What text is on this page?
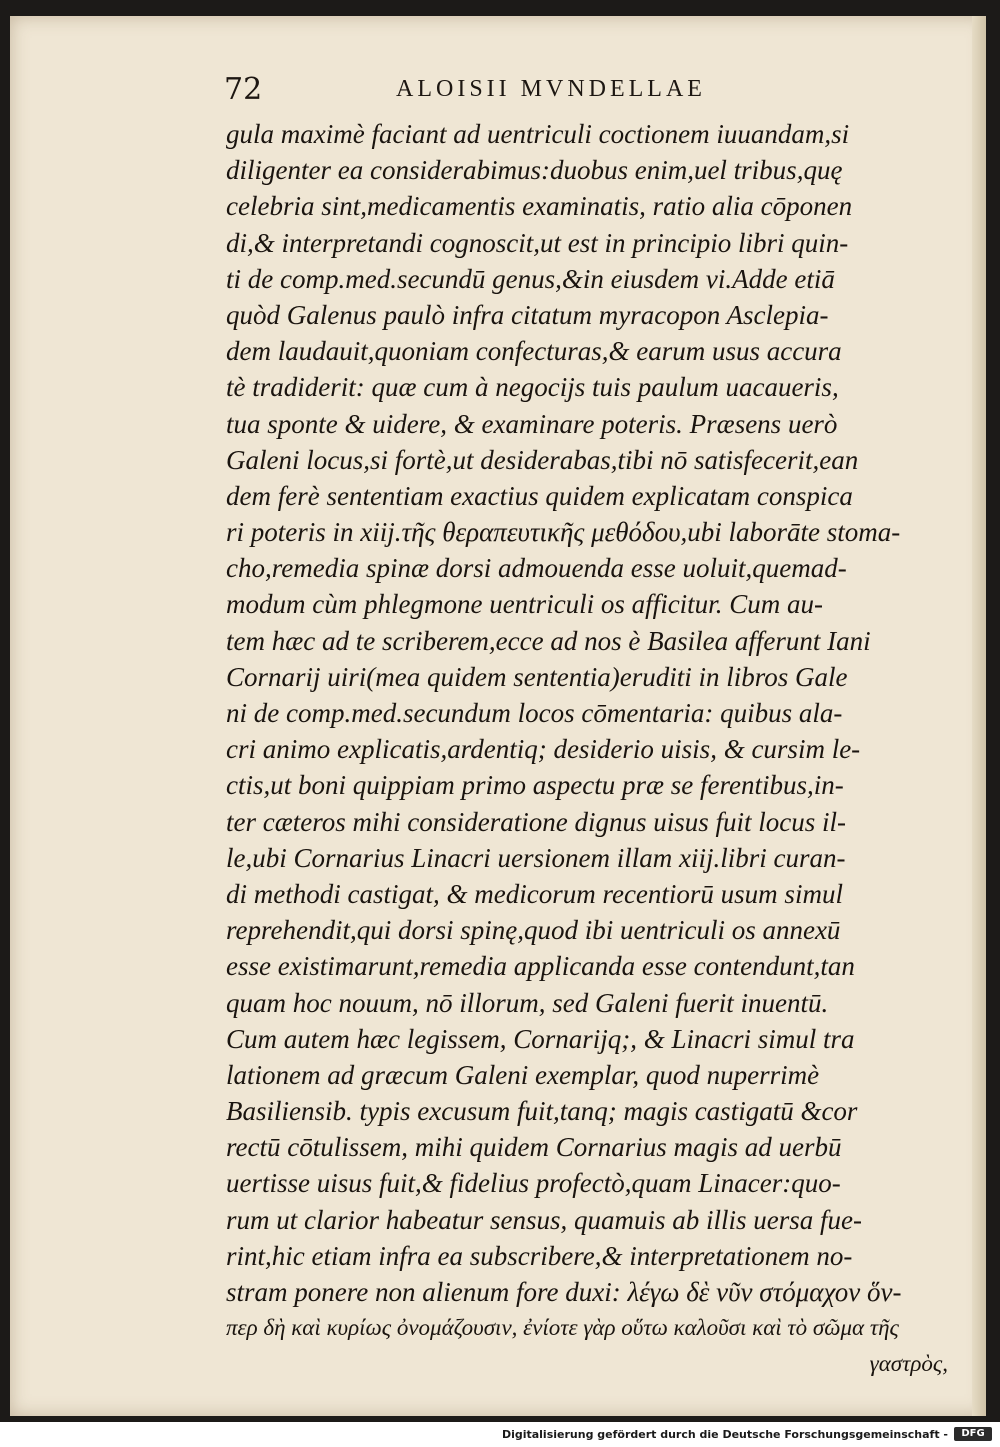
72	ALOISII MVNDELLAE
gula maximè faciant ad uentriculi coctionem iuuandam,si
diligenter ea considerabimus:duobus enim,uel tribus,quę
celebria sint,medicamentis examinatis, ratio alia cōponen
di,& interpretandi cognoscit,ut est in principio libri quin-
ti de comp.med.secundū genus,&in eiusdem vi.Adde etiā
quòd Galenus paulò infra citatum myracopon Asclepia-
dem laudauit,quoniam confecturas,& earum usus accura
tè tradiderit: quæ cum à negocijs tuis paulum uacaueris,
tua sponte & uidere, & examinare poteris. Præsens uerò
Galeni locus,si fortè,ut desiderabas,tibi nō satisfecerit,ean
dem ferè sententiam exactius quidem explicatam conspica
ri poteris in xiij.τῆς θεραπευτικῆς μεθόδου,ubi laborāte stoma-
cho,remedia spinæ dorsi admouenda esse uoluit,quemad-
modum cùm phlegmone uentriculi os afficitur. Cum au-
tem hæc ad te scriberem,ecce ad nos è Basilea afferunt Iani
Cornarij uiri(mea quidem sententia)eruditi in libros Gale
ni de comp.med.secundum locos cōmentaria: quibus ala-
cri animo explicatis,ardentiq; desiderio uisis, & cursim le-
ctis,ut boni quippiam primo aspectu præ se ferentibus,in-
ter cæteros mihi consideratione dignus uisus fuit locus il-
le,ubi Cornarius Linacri uersionem illam xiij.libri curan-
di methodi castigat, & medicorum recentiorū usum simul
reprehendit,qui dorsi spinę,quod ibi uentriculi os annexū
esse existimarunt,remedia applicanda esse contendunt,tan
quam hoc nouum, nō illorum, sed Galeni fuerit inuentū.
Cum autem hæc legissem, Cornarijq;, & Linacri simul tra
lationem ad græcum Galeni exemplar, quod nuperrimè
Basiliensib. typis excusum fuit,tanq; magis castigatū &cor
rectū cōtulissem, mihi quidem Cornarius magis ad uerbū
uertisse uisus fuit,& fidelius profectò,quam Linacer:quo-
rum ut clarior habeatur sensus, quamuis ab illis uersa fue-
rint,hic etiam infra ea subscribere,& interpretationem no-
stram ponere non alienum fore duxi: λέγω δὲ νῦν στόμαχον ὅν-
περ δὴ καὶ κυρίως ὀνομάζουσιν, ἐνίοτε γὰρ οὕτω καλοῦσι καὶ τὸ σῶμα τῆς
γαστρὸς,
Digitalisierung gefördert durch die Deutsche Forschungsgemeinschaft -	DFG
